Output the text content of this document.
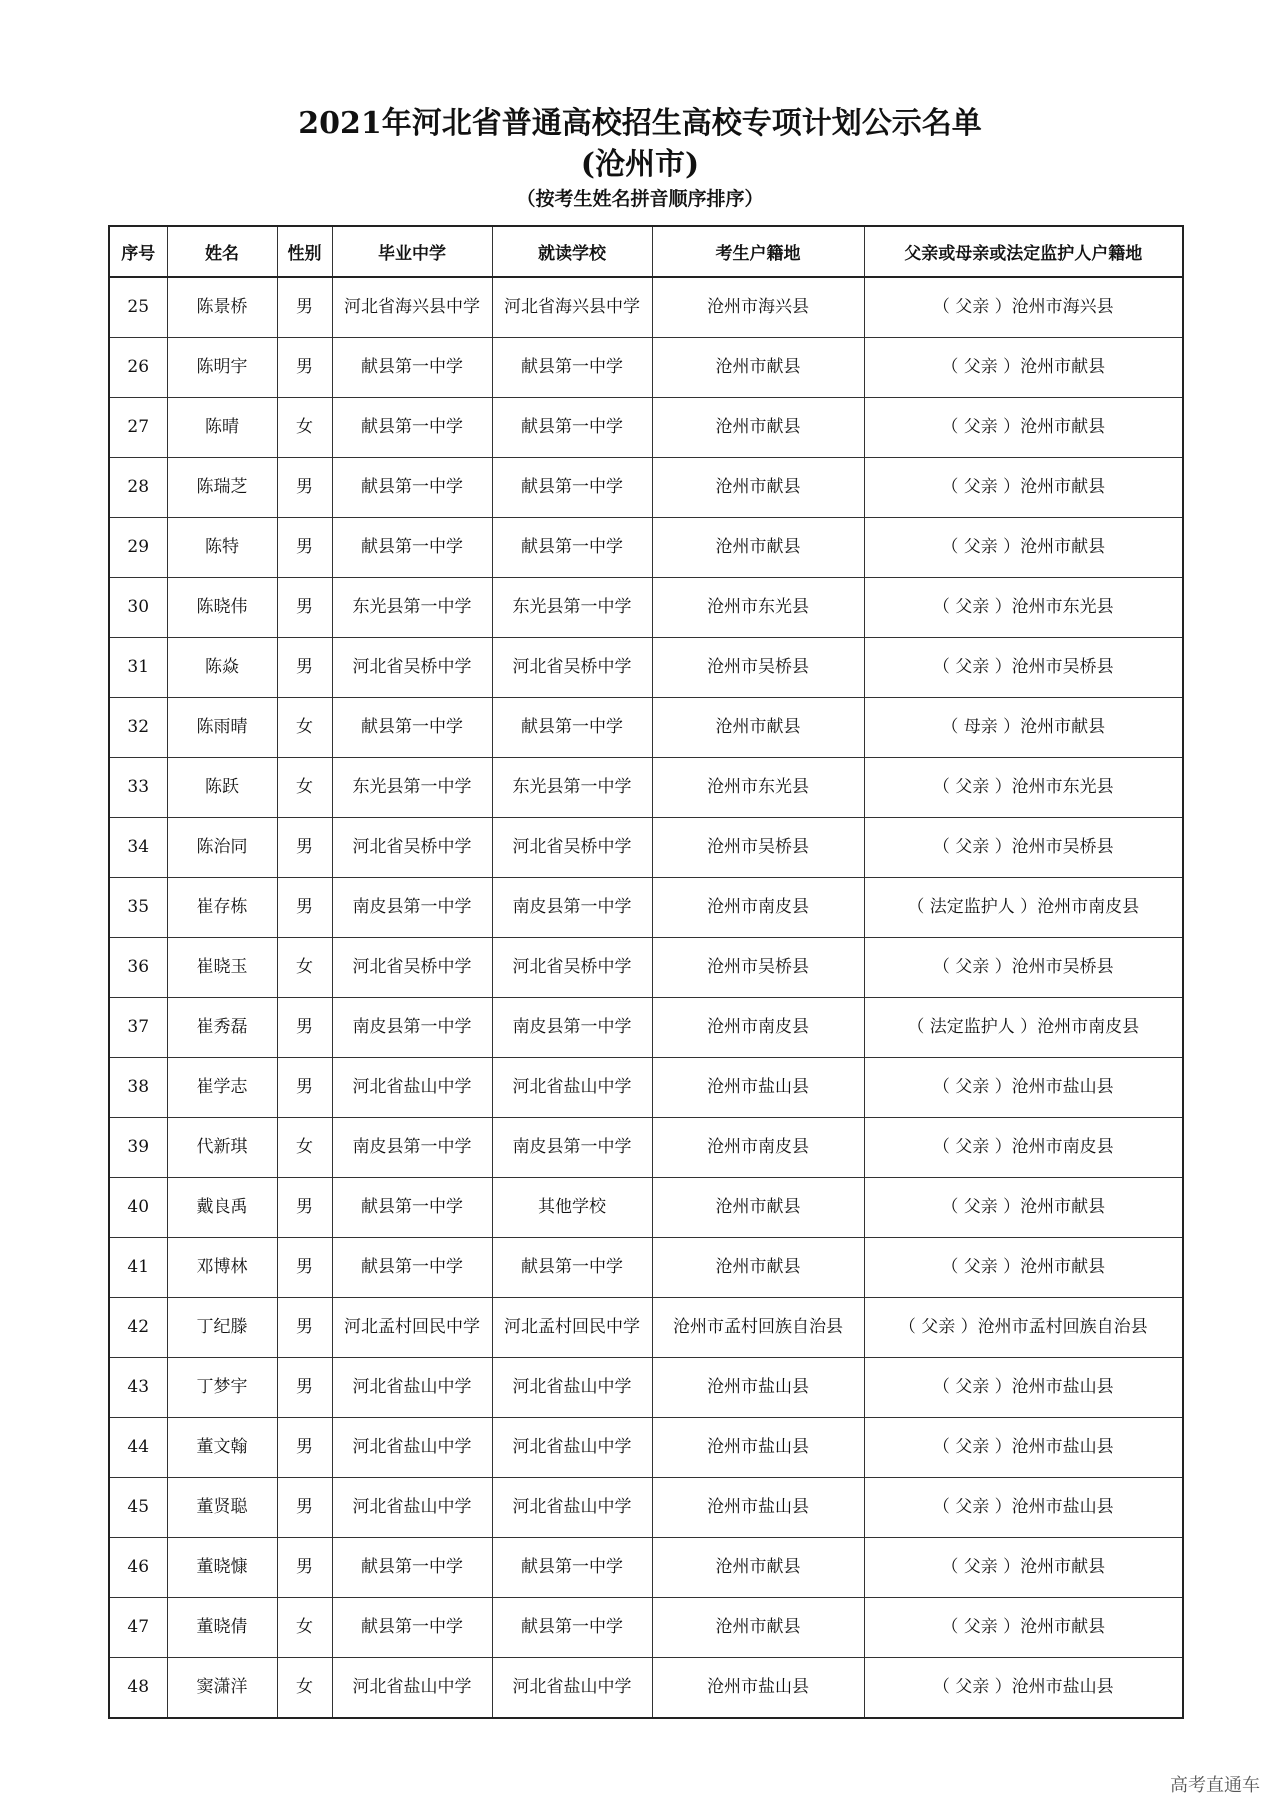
2021年河北省普通高校招生高校专项计划公示名单
(沧州市)
（按考生姓名拼音顺序排序）
序号	姓名	性别	毕业中学	就读学校	考生户籍地	父亲或母亲或法定监护人户籍地
25	陈景桥	男	河北省海兴县中学	河北省海兴县中学	沧州市海兴县	（ 父亲 ）沧州市海兴县
26	陈明宇	男	献县第一中学	献县第一中学	沧州市献县	（ 父亲 ）沧州市献县
27	陈晴	女	献县第一中学	献县第一中学	沧州市献县	（ 父亲 ）沧州市献县
28	陈瑞芝	男	献县第一中学	献县第一中学	沧州市献县	（ 父亲 ）沧州市献县
29	陈特	男	献县第一中学	献县第一中学	沧州市献县	（ 父亲 ）沧州市献县
30	陈晓伟	男	东光县第一中学	东光县第一中学	沧州市东光县	（ 父亲 ）沧州市东光县
31	陈焱	男	河北省吴桥中学	河北省吴桥中学	沧州市吴桥县	（ 父亲 ）沧州市吴桥县
32	陈雨晴	女	献县第一中学	献县第一中学	沧州市献县	（ 母亲 ）沧州市献县
33	陈跃	女	东光县第一中学	东光县第一中学	沧州市东光县	（ 父亲 ）沧州市东光县
34	陈治同	男	河北省吴桥中学	河北省吴桥中学	沧州市吴桥县	（ 父亲 ）沧州市吴桥县
35	崔存栋	男	南皮县第一中学	南皮县第一中学	沧州市南皮县	（ 法定监护人 ）沧州市南皮县
36	崔晓玉	女	河北省吴桥中学	河北省吴桥中学	沧州市吴桥县	（ 父亲 ）沧州市吴桥县
37	崔秀磊	男	南皮县第一中学	南皮县第一中学	沧州市南皮县	（ 法定监护人 ）沧州市南皮县
38	崔学志	男	河北省盐山中学	河北省盐山中学	沧州市盐山县	（ 父亲 ）沧州市盐山县
39	代新琪	女	南皮县第一中学	南皮县第一中学	沧州市南皮县	（ 父亲 ）沧州市南皮县
40	戴良禹	男	献县第一中学	其他学校	沧州市献县	（ 父亲 ）沧州市献县
41	邓博林	男	献县第一中学	献县第一中学	沧州市献县	（ 父亲 ）沧州市献县
42	丁纪滕	男	河北孟村回民中学	河北孟村回民中学	沧州市孟村回族自治县	（ 父亲 ）沧州市孟村回族自治县
43	丁梦宇	男	河北省盐山中学	河北省盐山中学	沧州市盐山县	（ 父亲 ）沧州市盐山县
44	董文翰	男	河北省盐山中学	河北省盐山中学	沧州市盐山县	（ 父亲 ）沧州市盐山县
45	董贤聪	男	河北省盐山中学	河北省盐山中学	沧州市盐山县	（ 父亲 ）沧州市盐山县
46	董晓慷	男	献县第一中学	献县第一中学	沧州市献县	（ 父亲 ）沧州市献县
47	董晓倩	女	献县第一中学	献县第一中学	沧州市献县	（ 父亲 ）沧州市献县
48	窦潇洋	女	河北省盐山中学	河北省盐山中学	沧州市盐山县	（ 父亲 ）沧州市盐山县
高考直通车
